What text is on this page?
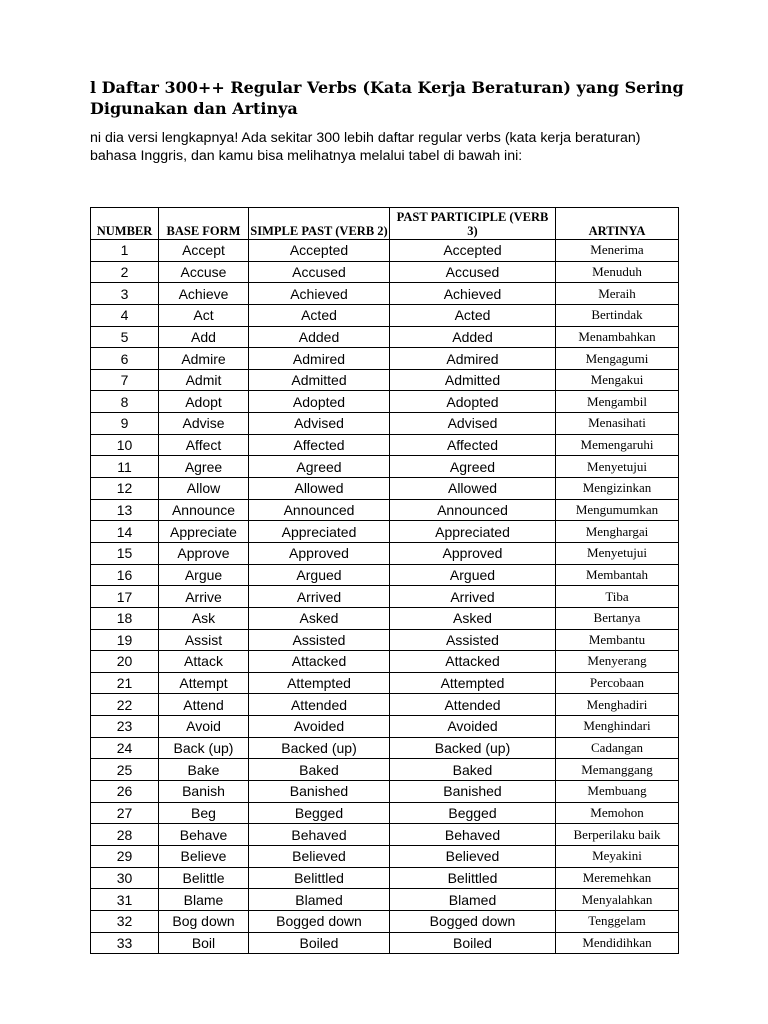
l Daftar 300++ Regular Verbs (Kata Kerja Beraturan) yang Sering Digunakan dan Artinya

ni dia versi lengkapnya! Ada sekitar 300 lebih daftar regular verbs (kata kerja beraturan) bahasa Inggris, dan kamu bisa melihatnya melalui tabel di bawah ini:

NUMBER	BASE FORM	SIMPLE PAST (VERB 2)	PAST PARTICIPLE (VERB 3)	ARTINYA

1	Accept	Accepted	Accepted	Menerima
2	Accuse	Accused	Accused	Menuduh
3	Achieve	Achieved	Achieved	Meraih
4	Act	Acted	Acted	Bertindak
5	Add	Added	Added	Menambahkan
6	Admire	Admired	Admired	Mengagumi
7	Admit	Admitted	Admitted	Mengakui
8	Adopt	Adopted	Adopted	Mengambil
9	Advise	Advised	Advised	Menasihati
10	Affect	Affected	Affected	Memengaruhi
11	Agree	Agreed	Agreed	Menyetujui
12	Allow	Allowed	Allowed	Mengizinkan
13	Announce	Announced	Announced	Mengumumkan
14	Appreciate	Appreciated	Appreciated	Menghargai
15	Approve	Approved	Approved	Menyetujui
16	Argue	Argued	Argued	Membantah
17	Arrive	Arrived	Arrived	Tiba
18	Ask	Asked	Asked	Bertanya
19	Assist	Assisted	Assisted	Membantu
20	Attack	Attacked	Attacked	Menyerang
21	Attempt	Attempted	Attempted	Percobaan
22	Attend	Attended	Attended	Menghadiri
23	Avoid	Avoided	Avoided	Menghindari
24	Back (up)	Backed (up)	Backed (up)	Cadangan
25	Bake	Baked	Baked	Memanggang
26	Banish	Banished	Banished	Membuang
27	Beg	Begged	Begged	Memohon
28	Behave	Behaved	Behaved	Berperilaku baik
29	Believe	Believed	Believed	Meyakini
30	Belittle	Belittled	Belittled	Meremehkan
31	Blame	Blamed	Blamed	Menyalahkan
32	Bog down	Bogged down	Bogged down	Tenggelam
33	Boil	Boiled	Boiled	Mendidihkan
